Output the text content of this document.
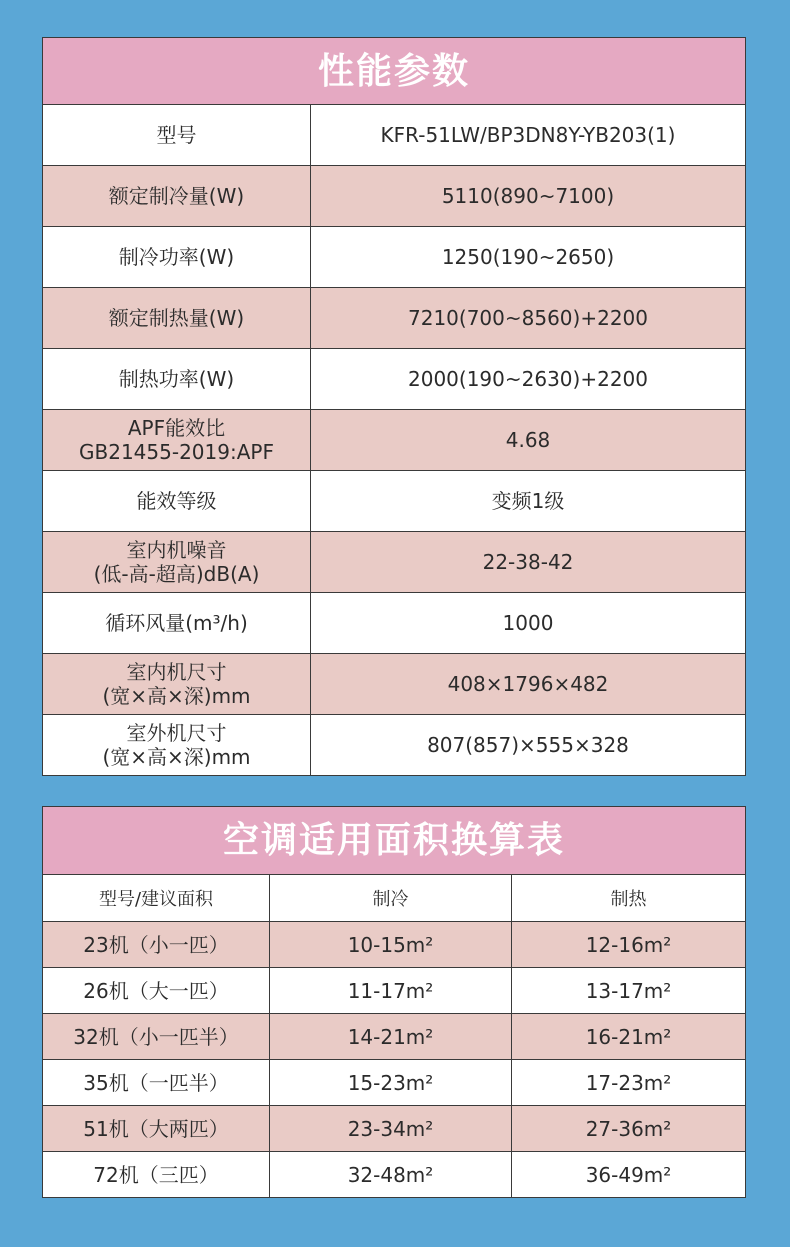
性能参数
型号	KFR-51LW/BP3DN8Y-YB203(1)

额定制冷量(W)	5110(890~7100)

制冷功率(W)	1250(190~2650)

额定制热量(W)	7210(700~8560)+2200

制热功率(W)	2000(190~2630)+2200

APF能效比
GB21455-2019:APF	4.68

能效等级	变频1级

室内机噪音
(低-高-超高)dB(A)	22-38-42

循环风量(m³/h)	1000

室内机尺寸
(宽×高×深)mm	408×1796×482

室外机尺寸
(宽×高×深)mm	807(857)×555×328
空调适用面积换算表
型号/建议面积	制冷	制热
23机（小一匹）	10-15m²	12-16m²
26机（大一匹）	11-17m²	13-17m²
32机（小一匹半）	14-21m²	16-21m²
35机（一匹半）	15-23m²	17-23m²
51机（大两匹）	23-34m²	27-36m²
72机（三匹）	32-48m²	36-49m²
